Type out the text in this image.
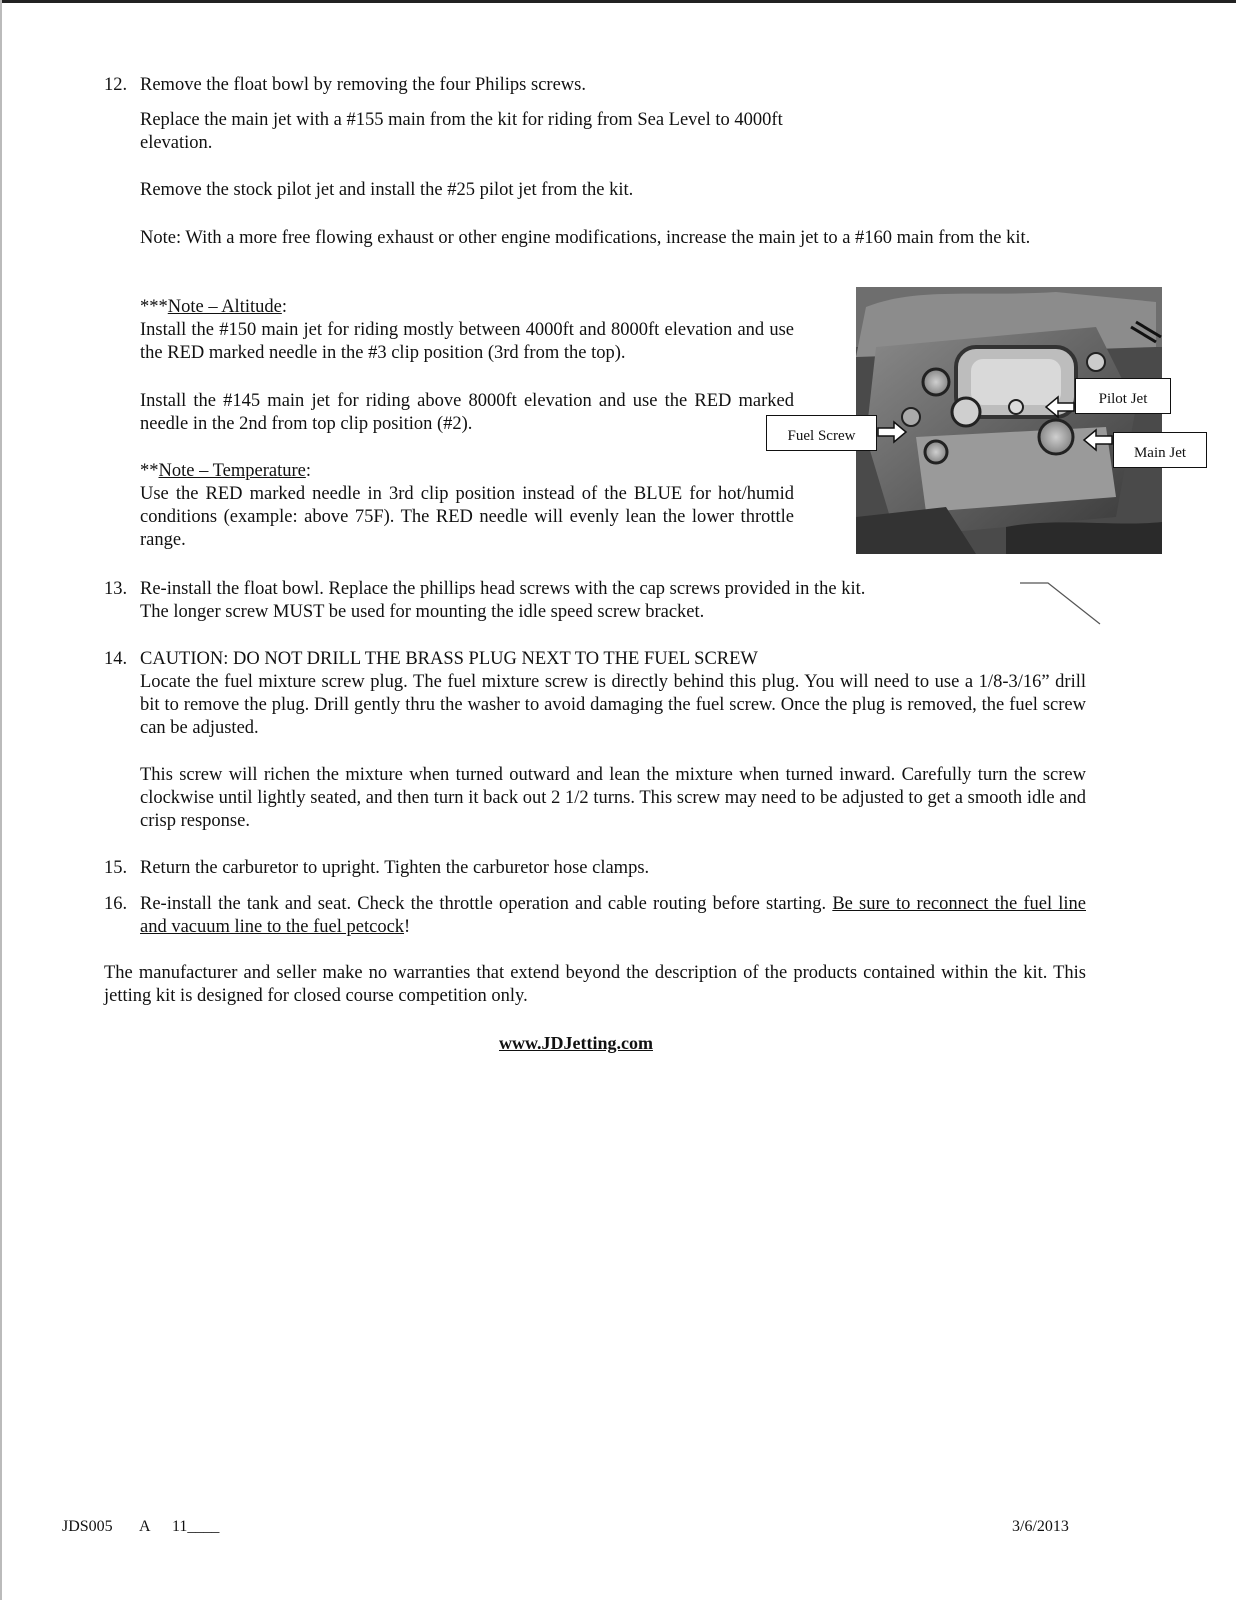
12. Remove the float bowl by removing the four Philips screws.
Replace the main jet with a #155 main from the kit for riding from Sea Level to 4000ft elevation.
Remove the stock pilot jet and install the #25 pilot jet from the kit.
Note: With a more free flowing exhaust or other engine modifications, increase the main jet to a #160 main from the kit.
***Note – Altitude:
Install the #150 main jet for riding mostly between 4000ft and 8000ft elevation and use the RED marked needle in the #3 clip position (3rd from the top).
Install the #145 main jet for riding above 8000ft elevation and use the RED marked needle in the 2nd from top clip position (#2).
**Note – Temperature:
Use the RED marked needle in 3rd clip position instead of the BLUE for hot/humid conditions (example: above 75F). The RED needle will evenly lean the lower throttle range.
Pilot Jet
Fuel Screw
Main Jet
13. Re-install the float bowl. Replace the phillips head screws with the cap screws provided in the kit. The longer screw MUST be used for mounting the idle speed screw bracket.
14. CAUTION: DO NOT DRILL THE BRASS PLUG NEXT TO THE FUEL SCREW
Locate the fuel mixture screw plug. The fuel mixture screw is directly behind this plug. You will need to use a 1/8-3/16” drill bit to remove the plug. Drill gently thru the washer to avoid damaging the fuel screw. Once the plug is removed, the fuel screw can be adjusted.
This screw will richen the mixture when turned outward and lean the mixture when turned inward. Carefully turn the screw clockwise until lightly seated, and then turn it back out 2 1/2 turns. This screw may need to be adjusted to get a smooth idle and crisp response.
15. Return the carburetor to upright. Tighten the carburetor hose clamps.
16. Re-install the tank and seat. Check the throttle operation and cable routing before starting. Be sure to reconnect the fuel line and vacuum line to the fuel petcock!
The manufacturer and seller make no warranties that extend beyond the description of the products contained within the kit. This jetting kit is designed for closed course competition only.
www.JDJetting.com
JDS005 A 11____	3/6/2013
